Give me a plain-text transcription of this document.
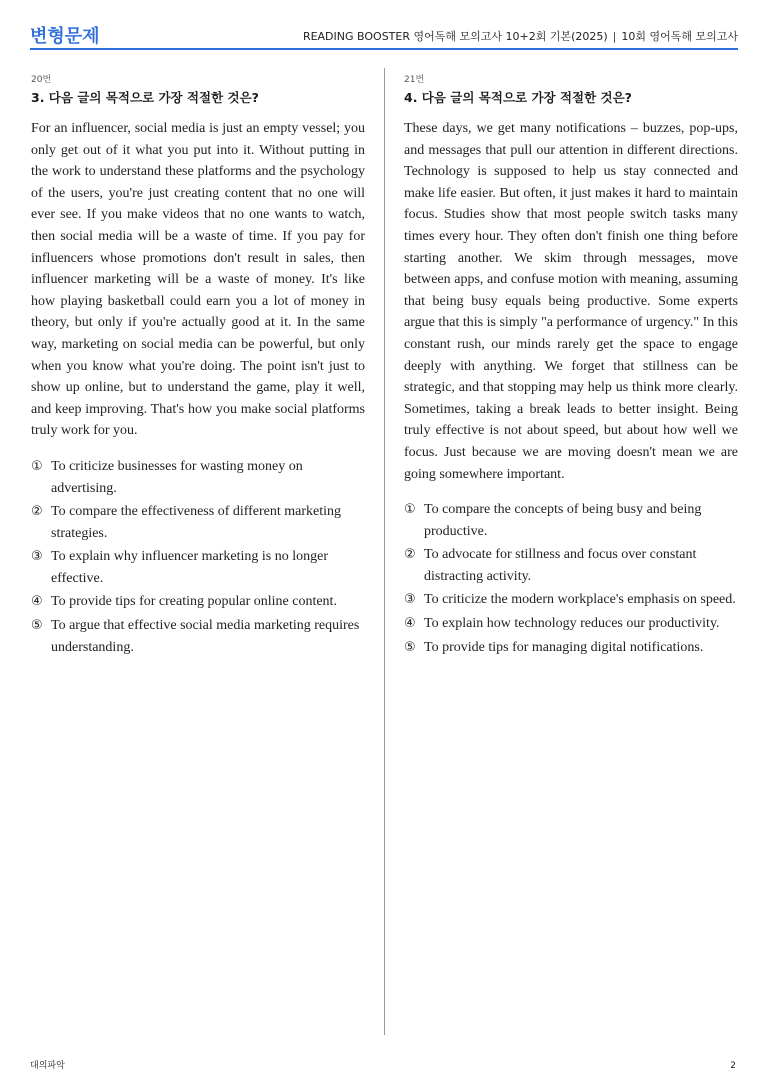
변형문제	READING BOOSTER 영어독해 모의고사 10+2회 기본(2025) | 10회 영어독해 모의고사
20번
3. 다음 글의 목적으로 가장 적절한 것은?

For an influencer, social media is just an empty vessel; you only get out of it what you put into it. Without putting in the work to understand these platforms and the psychology of the users, you're just creating content that no one will ever see. If you make videos that no one wants to watch, then social media will be a waste of time. If you pay for influencers whose promotions don't result in sales, then influencer marketing will be a waste of money. It's like how playing basketball could earn you a lot of money in theory, but only if you're actually good at it. In the same way, marketing on social media can be powerful, but only when you know what you're doing. The point isn't just to show up online, but to understand the game, play it well, and keep improving. That's how you make social platforms truly work for you.

① To criticize businesses for wasting money on advertising.
② To compare the effectiveness of different marketing strategies.
③ To explain why influencer marketing is no longer effective.
④ To provide tips for creating popular online content.
⑤ To argue that effective social media marketing requires understanding.
21번
4. 다음 글의 목적으로 가장 적절한 것은?

These days, we get many notifications – buzzes, pop-ups, and messages that pull our attention in different directions. Technology is supposed to help us stay connected and make life easier. But often, it just makes it hard to maintain focus. Studies show that most people switch tasks many times every hour. They often don't finish one thing before starting another. We skim through messages, move between apps, and confuse motion with meaning, assuming that being busy equals being productive. Some experts argue that this is simply "a performance of urgency." In this constant rush, our minds rarely get the space to engage deeply with anything. We forget that stillness can be strategic, and that stopping may help us think more clearly. Sometimes, taking a break leads to better insight. Being truly effective is not about speed, but about how well we focus. Just because we are moving doesn't mean we are going somewhere important.

① To compare the concepts of being busy and being productive.
② To advocate for stillness and focus over constant distracting activity.
③ To criticize the modern workplace's emphasis on speed.
④ To explain how technology reduces our productivity.
⑤ To provide tips for managing digital notifications.
대의파악	2
